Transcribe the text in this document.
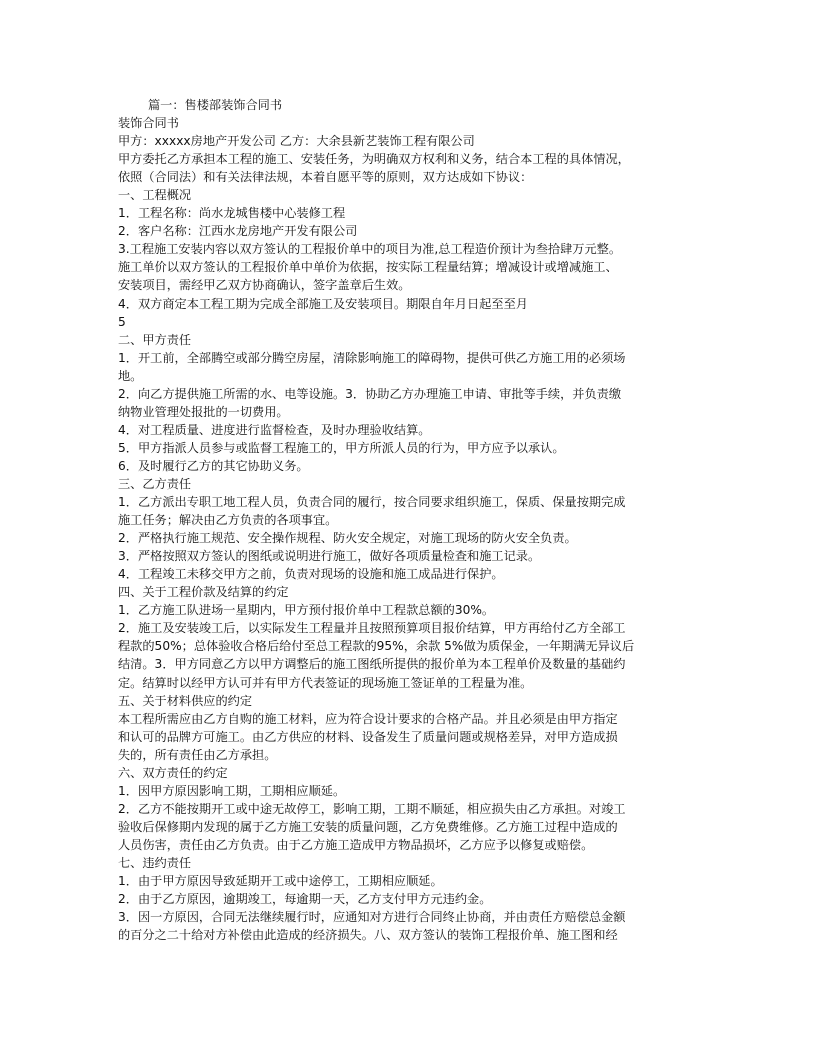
篇一：售楼部装饰合同书
装饰合同书
甲方：xxxxx房地产开发公司 乙方：大余县新艺装饰工程有限公司
甲方委托乙方承担本工程的施工、安装任务，为明确双方权利和义务，结合本工程的具体情况，
依照（合同法）和有关法律法规，本着自愿平等的原则，双方达成如下协议：
一、工程概况
1．工程名称：尚水龙城售楼中心装修工程
2．客户名称：江西水龙房地产开发有限公司
3.工程施工安装内容以双方签认的工程报价单中的项目为准,总工程造价预计为叁拾肆万元整。
施工单价以双方签认的工程报价单中单价为依据，按实际工程量结算；增减设计或增减施工、
安装项目，需经甲乙双方协商确认，签字盖章后生效。
4．双方商定本工程工期为完成全部施工及安装项目。期限自年月日起至至月
5
二、甲方责任
1．开工前，全部腾空或部分腾空房屋，清除影响施工的障碍物，提供可供乙方施工用的必须场
地。
2．向乙方提供施工所需的水、电等设施。3．协助乙方办理施工申请、审批等手续，并负责缴
纳物业管理处报批的一切费用。
4．对工程质量、进度进行监督检查，及时办理验收结算。
5．甲方指派人员参与或监督工程施工的，甲方所派人员的行为，甲方应予以承认。
6．及时履行乙方的其它协助义务。
三、乙方责任
1．乙方派出专职工地工程人员，负责合同的履行，按合同要求组织施工，保质、保量按期完成
施工任务；解决由乙方负责的各项事宜。
2．严格执行施工规范、安全操作规程、防火安全规定，对施工现场的防火安全负责。
3．严格按照双方签认的图纸或说明进行施工，做好各项质量检查和施工记录。
4．工程竣工未移交甲方之前，负责对现场的设施和施工成品进行保护。
四、关于工程价款及结算的约定
1．乙方施工队进场一星期内，甲方预付报价单中工程款总额的30%。
2．施工及安装竣工后，以实际发生工程量并且按照预算项目报价结算，甲方再给付乙方全部工
程款的50%；总体验收合格后给付至总工程款的95%，余款 5%做为质保金，一年期满无异议后
结清。3．甲方同意乙方以甲方调整后的施工图纸所提供的报价单为本工程单价及数量的基础约
定。结算时以经甲方认可并有甲方代表签证的现场施工签证单的工程量为准。
五、关于材料供应的约定
本工程所需应由乙方自购的施工材料，应为符合设计要求的合格产品。并且必须是由甲方指定
和认可的品牌方可施工。由乙方供应的材料、设备发生了质量问题或规格差异，对甲方造成损
失的，所有责任由乙方承担。
六、双方责任的约定
1．因甲方原因影响工期，工期相应顺延。
2．乙方不能按期开工或中途无故停工，影响工期，工期不顺延，相应损失由乙方承担。对竣工
验收后保修期内发现的属于乙方施工安装的质量问题，乙方免费维修。乙方施工过程中造成的
人员伤害，责任由乙方负责。由于乙方施工造成甲方物品损坏，乙方应予以修复或赔偿。
七、违约责任
1．由于甲方原因导致延期开工或中途停工，工期相应顺延。
2．由于乙方原因，逾期竣工，每逾期一天，乙方支付甲方元违约金。
3．因一方原因，合同无法继续履行时，应通知对方进行合同终止协商，并由责任方赔偿总金额
的百分之二十给对方补偿由此造成的经济损失。八、双方签认的装饰工程报价单、施工图和经
